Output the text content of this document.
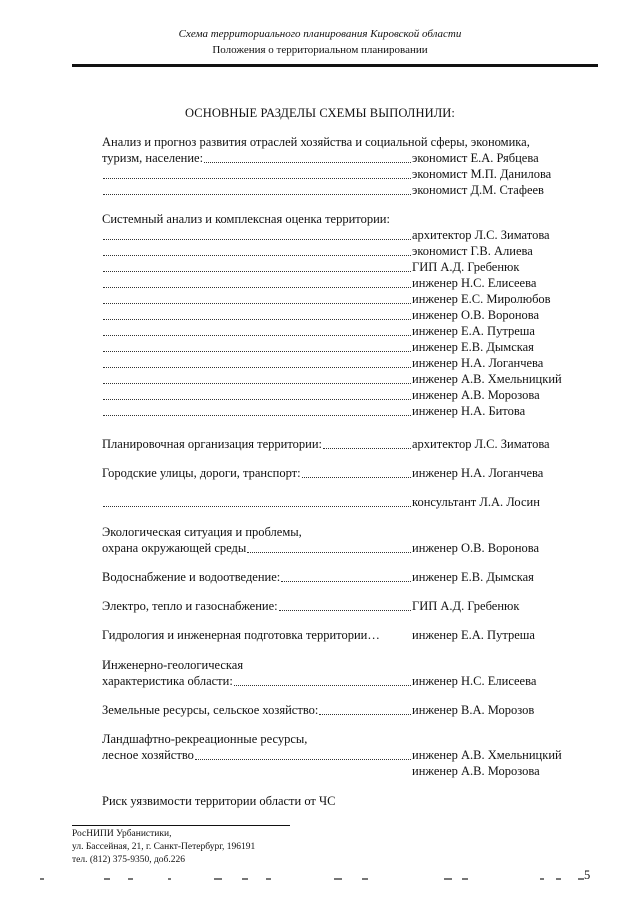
Схема территориального планирования Кировской области
Положения о территориальном планировании
ОСНОВНЫЕ РАЗДЕЛЫ СХЕМЫ ВЫПОЛНИЛИ:
Анализ и прогноз развития отраслей хозяйства и социальной сферы, экономика,
туризм, население:	экономист Е.А. Рябцева
экономист М.П. Данилова
экономист Д.М. Стафеев
Системный анализ и комплексная оценка территории:
архитектор Л.С. Зиматова
экономист Г.В. Алиева
ГИП А.Д. Гребенюк
инженер Н.С. Елисеева
инженер Е.С. Миролюбов
инженер О.В. Воронова
инженер Е.А. Путреша
инженер Е.В. Дымская
инженер Н.А. Логанчева
инженер А.В. Хмельницкий
инженер А.В. Морозова
инженер Н.А. Битова
Планировочная организация территории:	архитектор Л.С. Зиматова
Городские улицы, дороги, транспорт:	инженер Н.А. Логанчева
консультант Л.А. Лосин
Экологическая ситуация и проблемы,
охрана окружающей среды	инженер О.В. Воронова
Водоснабжение и водоотведение:	инженер Е.В. Дымская
Электро, тепло и газоснабжение:	ГИП А.Д. Гребенюк
Гидрология и инженерная подготовка территории…	инженер Е.А. Путреша
Инженерно-геологическая
характеристика области:	инженер Н.С. Елисеева
Земельные ресурсы, сельское хозяйство:	инженер В.А. Морозов
Ландшафтно-рекреационные ресурсы,
лесное хозяйство	инженер А.В. Хмельницкий
инженер А.В. Морозова
Риск уязвимости территории области от ЧС
РосНИПИ Урбанистики,
ул. Бассейная, 21, г. Санкт-Петербург, 196191
тел. (812) 375-9350, доб.226
5
